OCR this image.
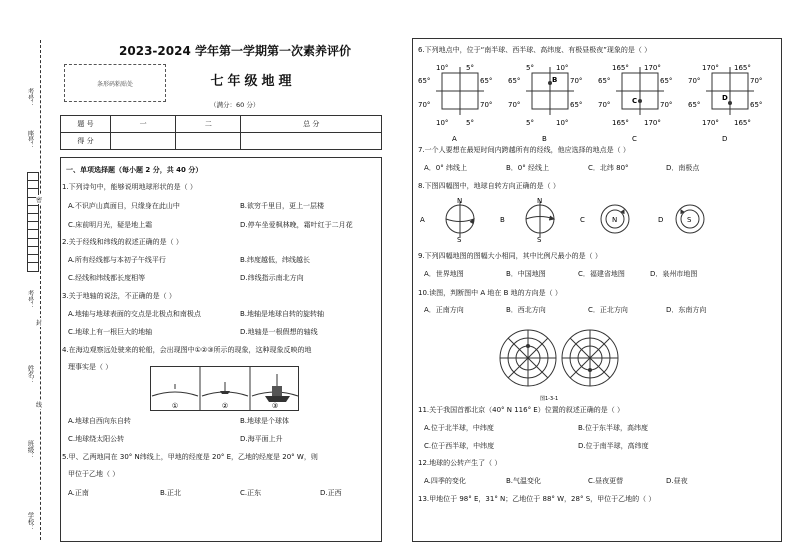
考号：
座号：
密
考号：
封
姓名：
线
班级：
学校：
2023-2024 学年第一学期第一次素养评价
条形码粘贴处	七年级地理
（满分：60 分）
题 号	一	二	总 分
得 分			
一、单项选择题（每小题 2 分，共 40 分）
1.下列诗句中，能够说明地球形状的是（ ）
A.不识庐山真面目，只缘身在此山中	B.欲穷千里目，更上一层楼
C.床前明月光，疑是地上霜	D.停车坐爱枫林晚，霜叶红于二月花
2.关于经线和纬线的叙述正确的是（ ）
A.所有经线都与本初子午线平行	B.纬度越低，纬线越长
C.经线和纬线都长度相等	D.纬线指示南北方向
3.关于地轴的说法，不正确的是（ ）
A.地轴与地球表面的交点是北极点和南极点	B.地轴是地球自转的旋转轴
C.地球上有一根巨大的地轴	D.地轴是一根假想的轴线
4.在海边观察远处驶来的轮船，会出现图中①②③所示的现象，这种现象反映的地
理事实是（ ）
①	②	③
A.地球自西向东自转	B.地球是个球体
C.地球绕太阳公转	D.海平面上升
5.甲、乙两地同在 30° N纬线上，甲地的经度是 20° E，乙地的经度是 20° W，则
甲位于乙地（ ）
A.正南	B.正北	C.正东	D.正西
6.下列地点中，位于“南半球、西半球、高纬度、有极昼极夜”现象的是（ ）
10°	5°
65°	65°
70°	70°
10°	5°
A
5°	10°
65°	70°
70°	65°
B
5°	10°
B
165° 170°
65°	65°
70°	70°
C
165° 170°
C
170° 165°
70°	70°
65°	65°
D
170° 165°
D
7.一个人要想在最短时间内跨越所有的经线，他应选择的地点是（ ）
A．0° 纬线上	B．0° 经线上	C．北纬 80°	D．南极点
8.下图四幅图中，地球自转方向正确的是（ ）
N
S
A
N
S
B	N
C	S
D
9.下列四幅地图的图幅大小相同，其中比例尺最小的是（ ）
A．世界地图	B．中国地图	C．福建省地图	D．泉州市地图
10.读图，判断图中 A 地在 B 地的方向是（ ）
A．正南方向	B．西北方向	C．正北方向	D．东南方向
图1-3-1
11.关于我国首都北京（40° N 116° E）位置的叙述正确的是（ ）
A.位于北半球，中纬度	B.位于东半球，高纬度
C.位于西半球，中纬度	D.位于南半球，高纬度
12.地球的公转产生了（ ）
A.四季的变化	B.气温变化	C.昼夜更替	D.昼夜
13.甲地位于 98° E，31° N；乙地位于 88° W，28° S，甲位于乙地的（ ）
